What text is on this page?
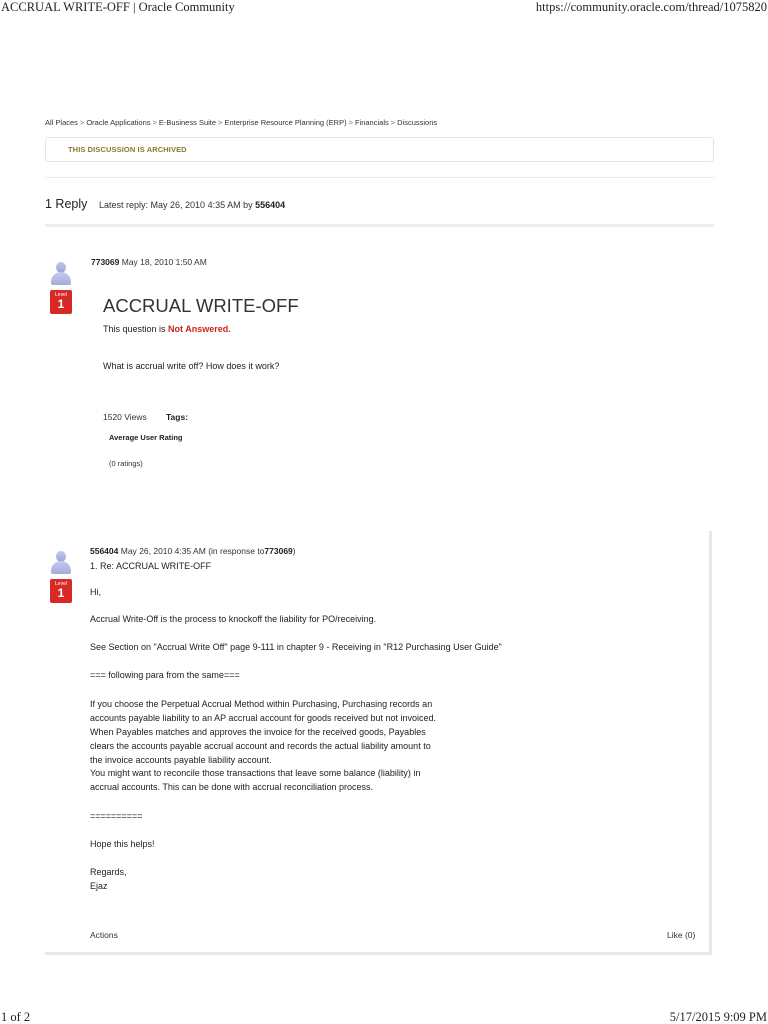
ACCRUAL WRITE-OFF | Oracle Community	https://community.oracle.com/thread/1075820
All Places > Oracle Applications > E-Business Suite > Enterprise Resource Planning (ERP) > Financials > Discussions
THIS DISCUSSION IS ARCHIVED
1 Reply Latest reply: May 26, 2010 4:35 AM by 556404
Level
1
773069 May 18, 2010 1:50 AM
ACCRUAL WRITE-OFF
This question is Not Answered.
What is accrual write off? How does it work?
1520 Views Tags:
Average User Rating
(0 ratings)
Level
1
556404 May 26, 2010 4:35 AM (in response to773069)
1. Re: ACCRUAL WRITE-OFF
Hi,
Accrual Write-Off is the process to knockoff the liability for PO/receiving.
See Section on "Accrual Write Off" page 9-111 in chapter 9 - Receiving in "R12 Purchasing User Guide"
=== following para from the same===
If you choose the Perpetual Accrual Method within Purchasing, Purchasing records an
accounts payable liability to an AP accrual account for goods received but not invoiced.
When Payables matches and approves the invoice for the received goods, Payables
clears the accounts payable accrual account and records the actual liability amount to
the invoice accounts payable liability account.
You might want to reconcile those transactions that leave some balance (liability) in
accrual accounts. This can be done with accrual reconciliation process.
==========
Hope this helps!
Regards,
Ejaz
Actions	Like (0)
1 of 2	5/17/2015 9:09 PM
